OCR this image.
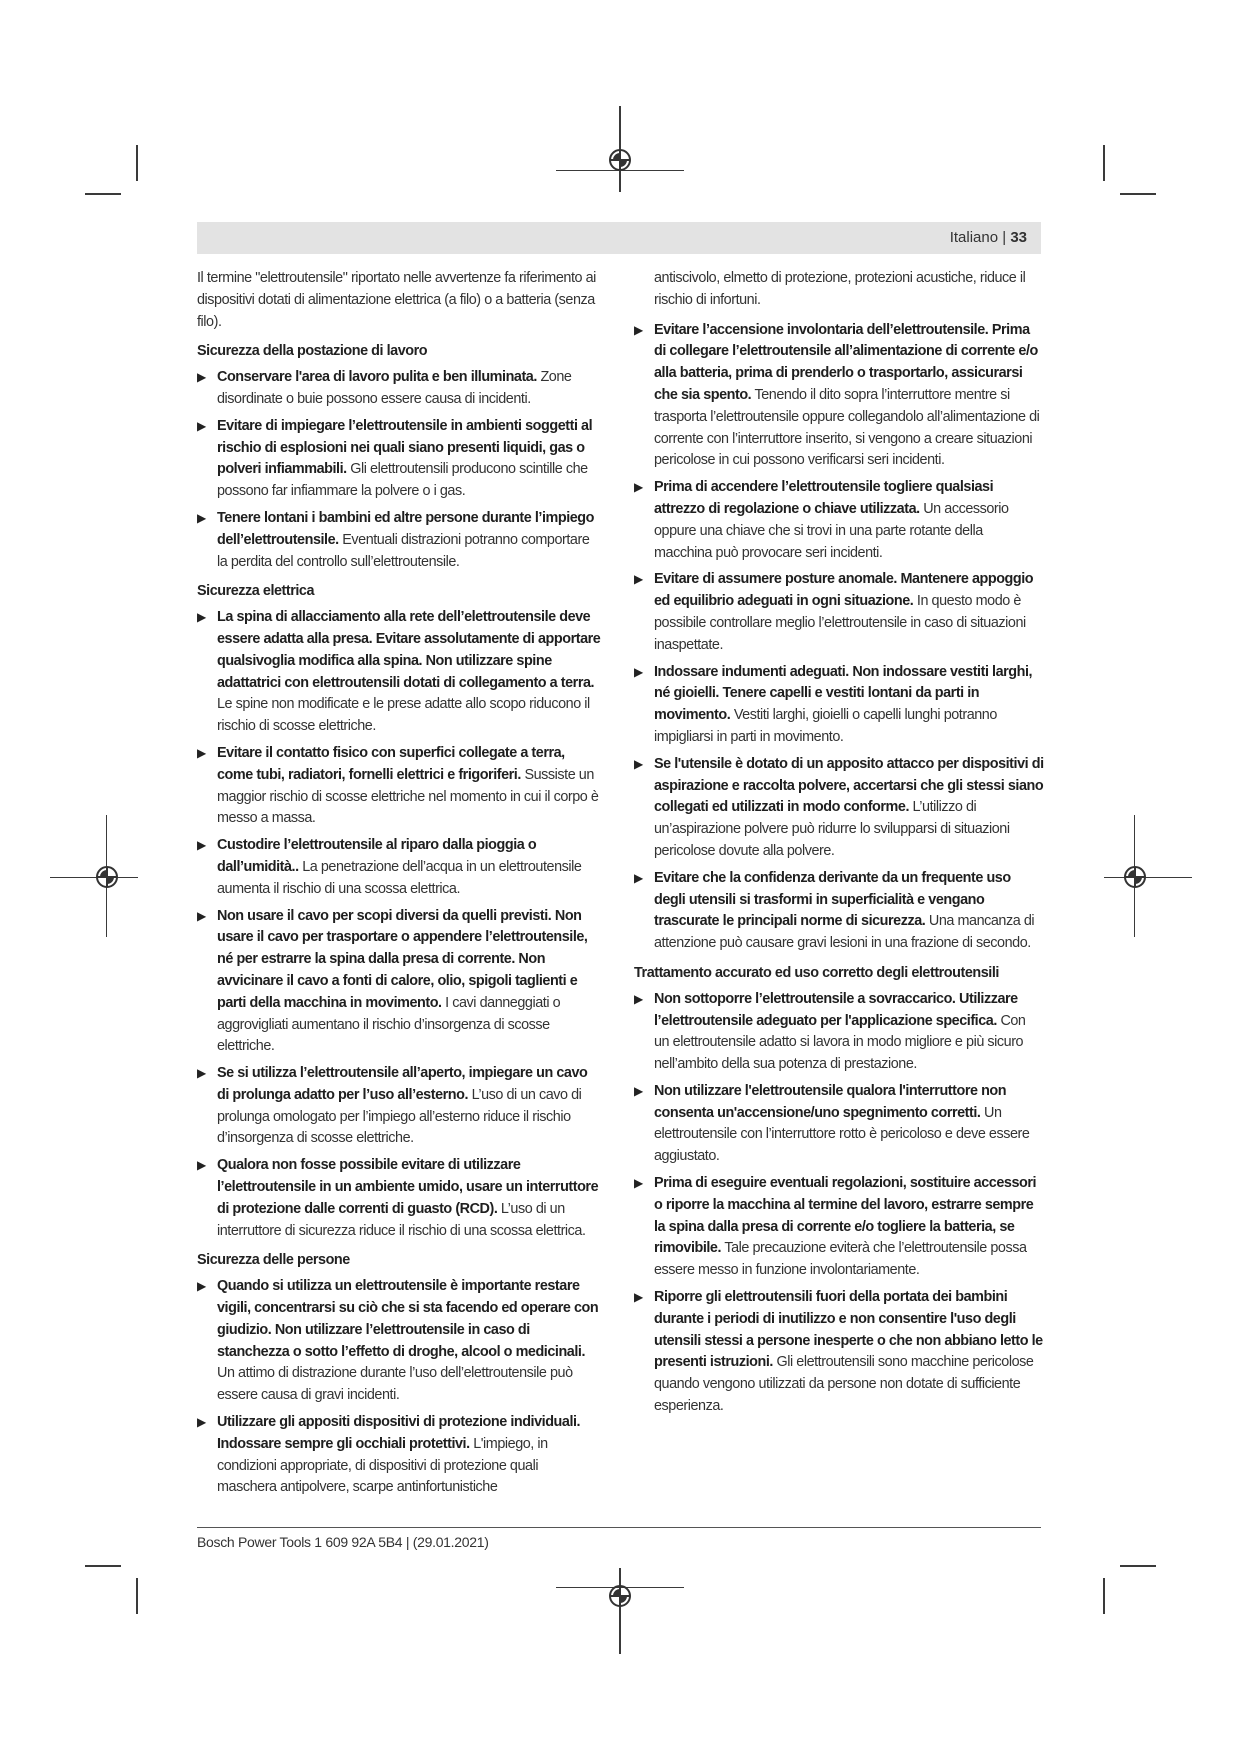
Italiano | 33

Il termine "elettroutensile" riportato nelle avvertenze fa riferimento ai dispositivi dotati di alimentazione elettrica (a filo) o a batteria (senza filo).

Sicurezza della postazione di lavoro
▶ Conservare l'area di lavoro pulita e ben illuminata. Zone disordinate o buie possono essere causa di incidenti.
▶ Evitare di impiegare l’elettroutensile in ambienti soggetti al rischio di esplosioni nei quali siano presenti liquidi, gas o polveri infiammabili. Gli elettroutensili producono scintille che possono far infiammare la polvere o i gas.
▶ Tenere lontani i bambini ed altre persone durante l’impiego dell’elettroutensile. Eventuali distrazioni potranno comportare la perdita del controllo sull’elettroutensile.
Sicurezza elettrica
▶ La spina di allacciamento alla rete dell’elettroutensile deve essere adatta alla presa. Evitare assolutamente di apportare qualsivoglia modifica alla spina. Non utilizzare spine adattatrici con elettroutensili dotati di collegamento a terra. Le spine non modificate e le prese adatte allo scopo riducono il rischio di scosse elettriche.
▶ Evitare il contatto fisico con superfici collegate a terra, come tubi, radiatori, fornelli elettrici e frigoriferi. Sussiste un maggior rischio di scosse elettriche nel momento in cui il corpo è messo a massa.
▶ Custodire l’elettroutensile al riparo dalla pioggia o dall’umidità.. La penetrazione dell’acqua in un elettroutensile aumenta il rischio di una scossa elettrica.
▶ Non usare il cavo per scopi diversi da quelli previsti. Non usare il cavo per trasportare o appendere l’elettroutensile, né per estrarre la spina dalla presa di corrente. Non avvicinare il cavo a fonti di calore, olio, spigoli taglienti e parti della macchina in movimento. I cavi danneggiati o aggrovigliati aumentano il rischio d’insorgenza di scosse elettriche.
▶ Se si utilizza l’elettroutensile all’aperto, impiegare un cavo di prolunga adatto per l’uso all’esterno. L’uso di un cavo di prolunga omologato per l’impiego all’esterno riduce il rischio d’insorgenza di scosse elettriche.
▶ Qualora non fosse possibile evitare di utilizzare l’elettroutensile in un ambiente umido, usare un interruttore di protezione dalle correnti di guasto (RCD). L’uso di un interruttore di sicurezza riduce il rischio di una scossa elettrica.
Sicurezza delle persone
▶ Quando si utilizza un elettroutensile è importante restare vigili, concentrarsi su ciò che si sta facendo ed operare con giudizio. Non utilizzare l’elettroutensile in caso di stanchezza o sotto l’effetto di droghe, alcool o medicinali. Un attimo di distrazione durante l’uso dell’elettroutensile può essere causa di gravi incidenti.
▶ Utilizzare gli appositi dispositivi di protezione individuali. Indossare sempre gli occhiali protettivi. L'impiego, in condizioni appropriate, di dispositivi di protezione quali maschera antipolvere, scarpe antinfortunistiche

antiscivolo, elmetto di protezione, protezioni acustiche, riduce il rischio di infortuni.

▶ Evitare l’accensione involontaria dell’elettroutensile. Prima di collegare l’elettroutensile all’alimentazione di corrente e/o alla batteria, prima di prenderlo o trasportarlo, assicurarsi che sia spento. Tenendo il dito sopra l’interruttore mentre si trasporta l’elettroutensile oppure collegandolo all’alimentazione di corrente con l’interruttore inserito, si vengono a creare situazioni pericolose in cui possono verificarsi seri incidenti.
▶ Prima di accendere l’elettroutensile togliere qualsiasi attrezzo di regolazione o chiave utilizzata. Un accessorio oppure una chiave che si trovi in una parte rotante della macchina può provocare seri incidenti.
▶ Evitare di assumere posture anomale. Mantenere appoggio ed equilibrio adeguati in ogni situazione. In questo modo è possibile controllare meglio l’elettroutensile in caso di situazioni inaspettate.
▶ Indossare indumenti adeguati. Non indossare vestiti larghi, né gioielli. Tenere capelli e vestiti lontani da parti in movimento. Vestiti larghi, gioielli o capelli lunghi potranno impigliarsi in parti in movimento.
▶ Se l'utensile è dotato di un apposito attacco per dispositivi di aspirazione e raccolta polvere, accertarsi che gli stessi siano collegati ed utilizzati in modo conforme. L’utilizzo di un’aspirazione polvere può ridurre lo svilupparsi di situazioni pericolose dovute alla polvere.
▶ Evitare che la confidenza derivante da un frequente uso degli utensili si trasformi in superficialità e vengano trascurate le principali norme di sicurezza. Una mancanza di attenzione può causare gravi lesioni in una frazione di secondo.
Trattamento accurato ed uso corretto degli elettroutensili
▶ Non sottoporre l’elettroutensile a sovraccarico. Utilizzare l’elettroutensile adeguato per l'applicazione specifica. Con un elettroutensile adatto si lavora in modo migliore e più sicuro nell’ambito della sua potenza di prestazione.
▶ Non utilizzare l'elettroutensile qualora l'interruttore non consenta un'accensione/uno spegnimento corretti. Un elettroutensile con l’interruttore rotto è pericoloso e deve essere aggiustato.
▶ Prima di eseguire eventuali regolazioni, sostituire accessori o riporre la macchina al termine del lavoro, estrarre sempre la spina dalla presa di corrente e/o togliere la batteria, se rimovibile. Tale precauzione eviterà che l’elettroutensile possa essere messo in funzione involontariamente.
▶ Riporre gli elettroutensili fuori della portata dei bambini durante i periodi di inutilizzo e non consentire l'uso degli utensili stessi a persone inesperte o che non abbiano letto le presenti istruzioni. Gli elettroutensili sono macchine pericolose quando vengono utilizzati da persone non dotate di sufficiente esperienza.
Bosch Power Tools 1 609 92A 5B4 | (29.01.2021)
